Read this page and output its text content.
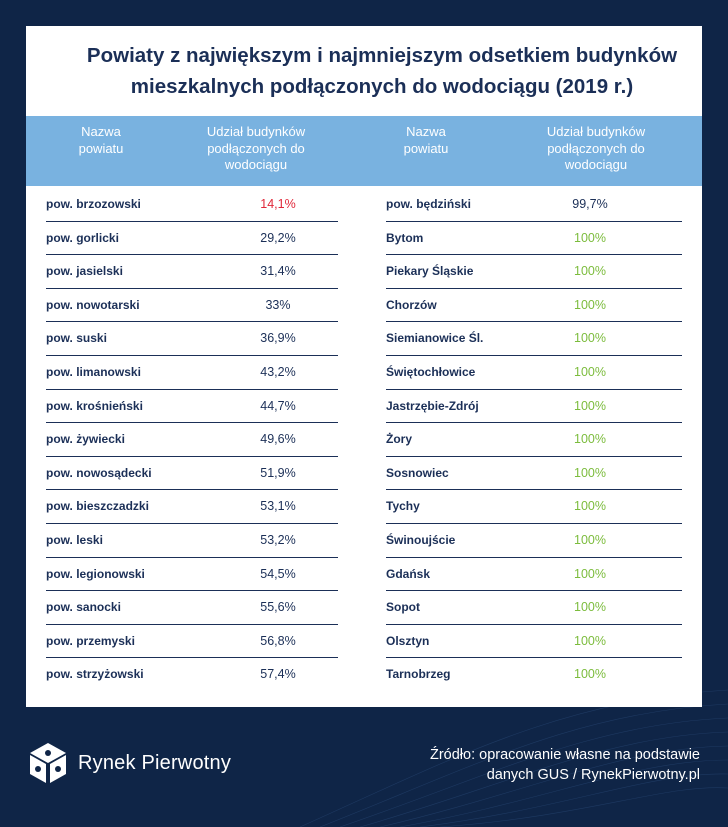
Powiaty z największym i najmniejszym odsetkiem budynków
mieszkalnych podłączonych do wodociągu (2019 r.)
Nazwa
powiatu
Udział budynków
podłączonych do
wodociągu
Nazwa
powiatu
Udział budynków
podłączonych do
wodociągu
pow. brzozowski	14,1%	pow. będziński	99,7%
pow. gorlicki	29,2%	Bytom	100%
pow. jasielski	31,4%	Piekary Śląskie	100%
pow. nowotarski	33%	Chorzów	100%
pow. suski	36,9%	Siemianowice Śl.	100%
pow. limanowski	43,2%	Świętochłowice	100%
pow. krośnieński	44,7%	Jastrzębie-Zdrój	100%
pow. żywiecki	49,6%	Żory	100%
pow. nowosądecki	51,9%	Sosnowiec	100%
pow. bieszczadzki	53,1%	Tychy	100%
pow. leski	53,2%	Świnoujście	100%
pow. legionowski	54,5%	Gdańsk	100%
pow. sanocki	55,6%	Sopot	100%
pow. przemyski	56,8%	Olsztyn	100%
pow. strzyżowski	57,4%	Tarnobrzeg	100%
Rynek Pierwotny	Źródło: opracowanie własne na podstawie
danych GUS / RynekPierwotny.pl
